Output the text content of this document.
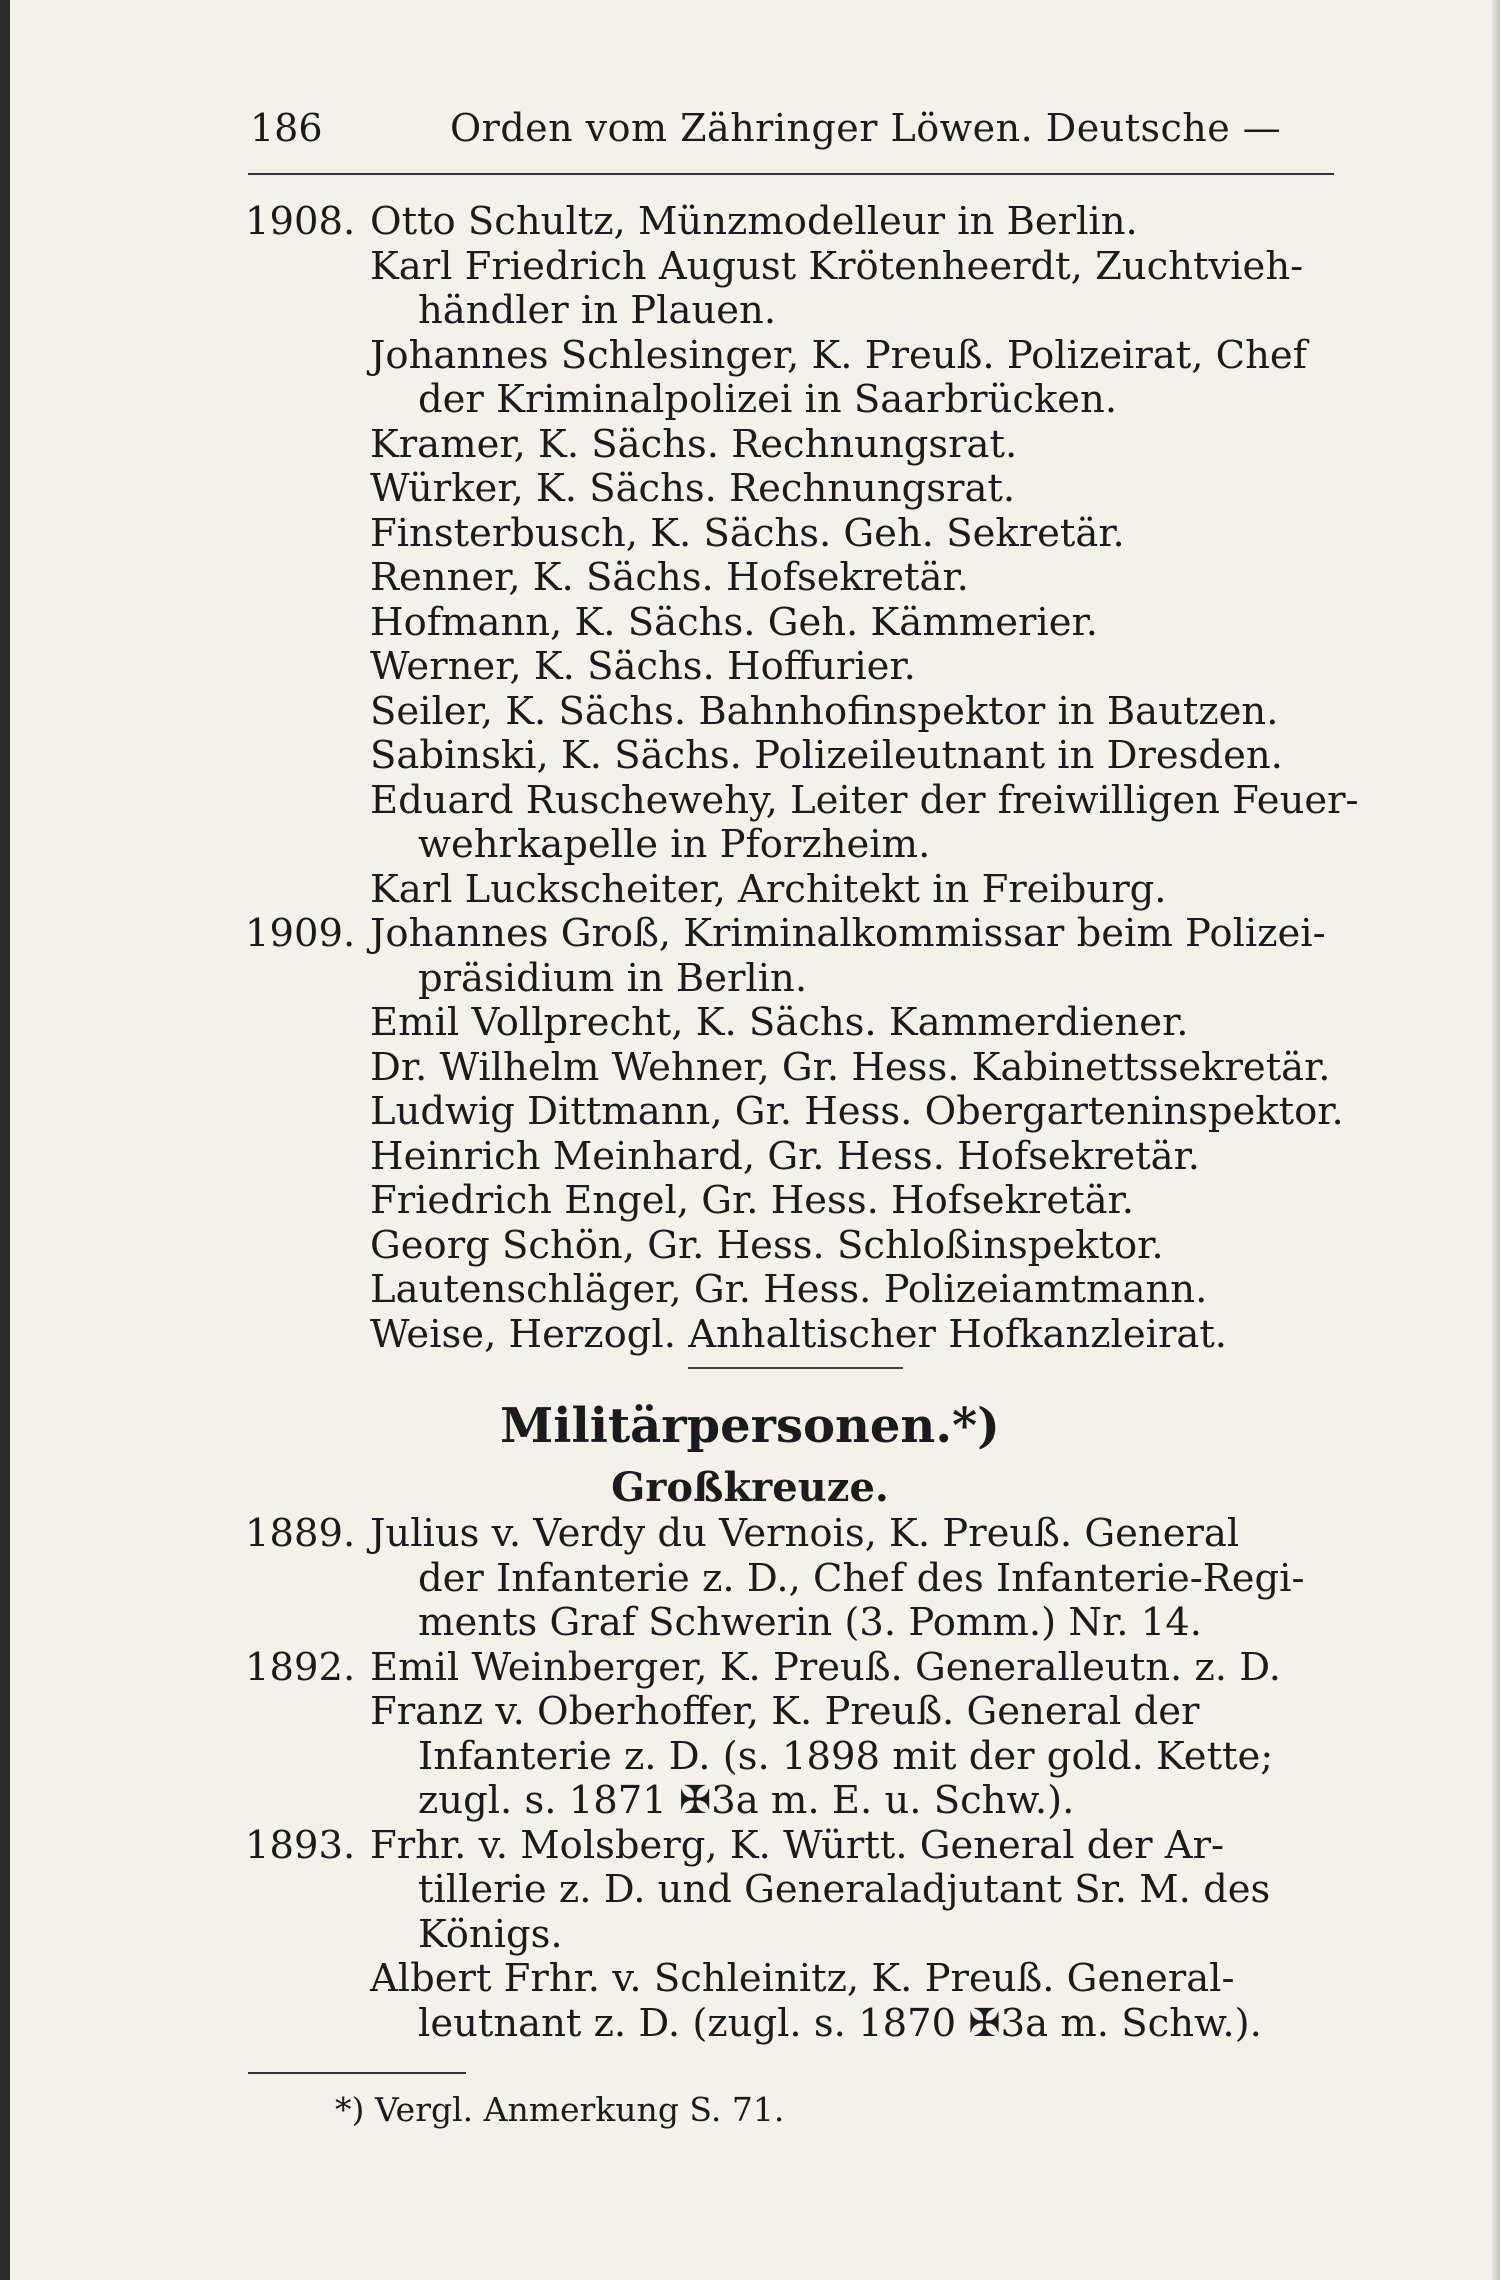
186	Orden vom Zähringer Löwen. Deutsche —
1908. Otto Schultz, Münzmodelleur in Berlin.
Karl Friedrich August Krötenheerdt, Zuchtvieh-
händler in Plauen.
Johannes Schlesinger, K. Preuß. Polizeirat, Chef
der Kriminalpolizei in Saarbrücken.
Kramer, K. Sächs. Rechnungsrat.
Würker, K. Sächs. Rechnungsrat.
Finsterbusch, K. Sächs. Geh. Sekretär.
Renner, K. Sächs. Hofsekretär.
Hofmann, K. Sächs. Geh. Kämmerier.
Werner, K. Sächs. Hoffurier.
Seiler, K. Sächs. Bahnhofinspektor in Bautzen.
Sabinski, K. Sächs. Polizeileutnant in Dresden.
Eduard Ruschewehy, Leiter der freiwilligen Feuer-
wehrkapelle in Pforzheim.
Karl Luckscheiter, Architekt in Freiburg.
1909. Johannes Groß, Kriminalkommissar beim Polizei-
präsidium in Berlin.
Emil Vollprecht, K. Sächs. Kammerdiener.
Dr. Wilhelm Wehner, Gr. Hess. Kabinettssekretär.
Ludwig Dittmann, Gr. Hess. Obergarteninspektor.
Heinrich Meinhard, Gr. Hess. Hofsekretär.
Friedrich Engel, Gr. Hess. Hofsekretär.
Georg Schön, Gr. Hess. Schloßinspektor.
Lautenschläger, Gr. Hess. Polizeiamtmann.
Weise, Herzogl. Anhaltischer Hofkanzleirat.
Militärpersonen.*)
Großkreuze.
1889. Julius v. Verdy du Vernois, K. Preuß. General
der Infanterie z. D., Chef des Infanterie-Regi-
ments Graf Schwerin (3. Pomm.) Nr. 14.
1892. Emil Weinberger, K. Preuß. Generalleutn. z. D.
Franz v. Oberhoffer, K. Preuß. General der
Infanterie z. D. (s. 1898 mit der gold. Kette;
zugl. s. 1871 ✠3a m. E. u. Schw.).
1893. Frhr. v. Molsberg, K. Württ. General der Ar-
tillerie z. D. und Generaladjutant Sr. M. des
Königs.
Albert Frhr. v. Schleinitz, K. Preuß. General-
leutnant z. D. (zugl. s. 1870 ✠3a m. Schw.).
*) Vergl. Anmerkung S. 71.
